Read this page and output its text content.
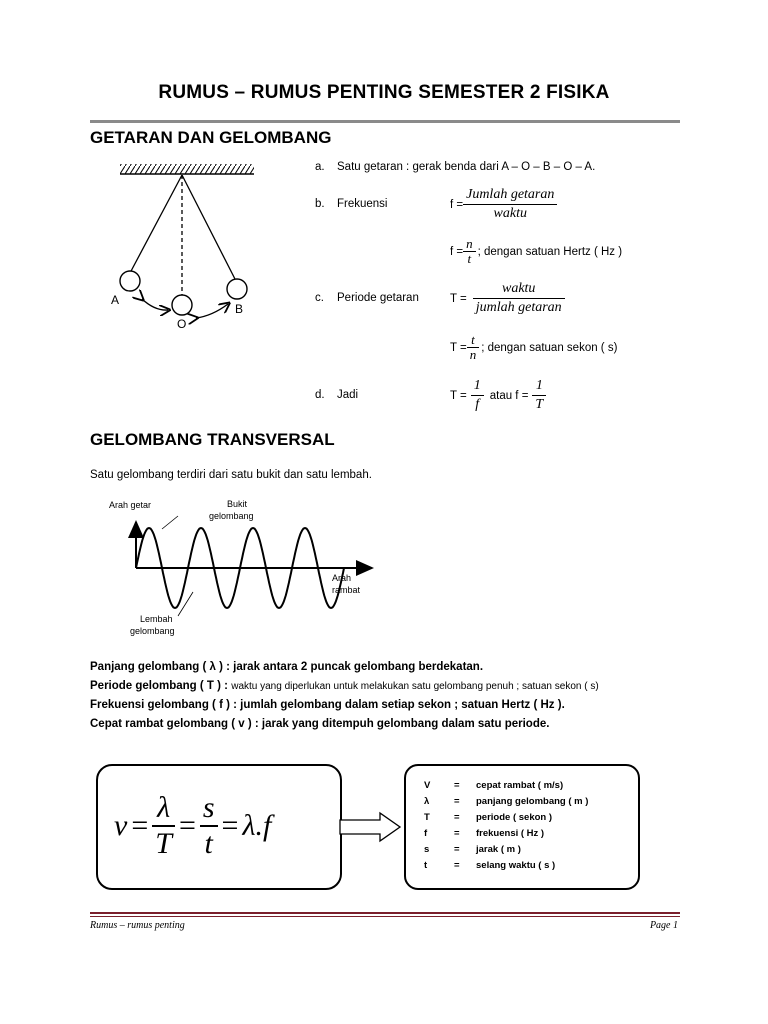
RUMUS – RUMUS PENTING SEMESTER 2 FISIKA
GETARAN DAN GELOMBANG
A
O
B
a. Satu getaran : gerak benda dari A – O – B – O – A.
b. Frekuensi	$f = \frac{\text{Jumlah getaran}}{\text{waktu}}$
$f = \frac{n}{t}$ ; dengan satuan Hertz ( Hz )
c. Periode getaran	$T = \frac{\text{waktu}}{\text{jumlah getaran}}$
$T = \frac{t}{n}$ ; dengan satuan sekon ( s)
d. Jadi	$T = \frac{1}{f}$ atau $f = \frac{1}{T}$
GELOMBANG TRANSVERSAL
Satu gelombang terdiri dari satu bukit dan satu lembah.
Arah getar	Bukit
gelombang
Arah
rambat
Lembah
gelombang

Panjang gelombang ( λ ) : jarak antara 2 puncak gelombang berdekatan.

Periode gelombang ( T ) : waktu yang diperlukan untuk melakukan satu gelombang penuh ; satuan sekon ( s)

Frekuensi gelombang ( f ) : jumlah gelombang dalam setiap sekon ; satuan Hertz ( Hz ).

Cepat rambat gelombang ( v ) : jarak yang ditempuh gelombang dalam satu periode.

$v = \frac{\lambda}{T} = \frac{s}{t} = \lambda.f$
V	=	cepat rambat ( m/s)
λ	=	panjang gelombang ( m )
T	=	periode ( sekon )
f	=	frekuensi ( Hz )
s	=	jarak ( m )
t	=	selang waktu ( s )
Rumus – rumus penting	Page 1
